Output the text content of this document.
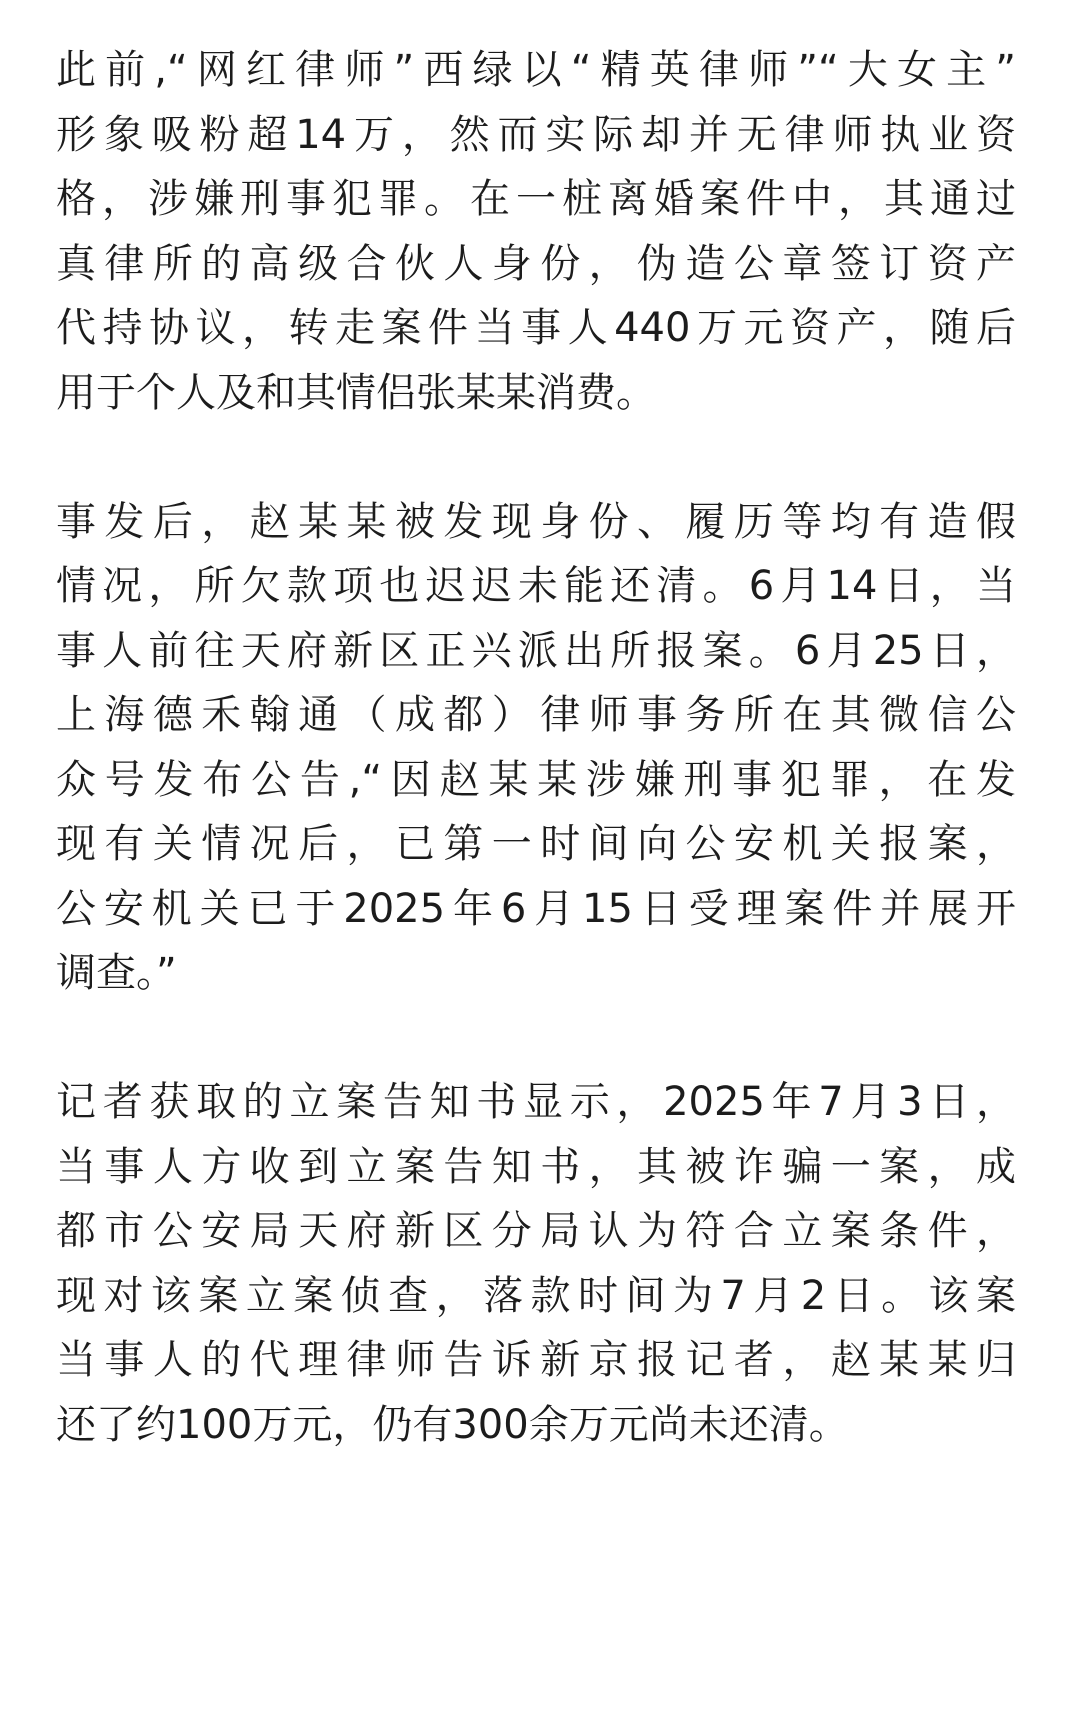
此前,“网红律师”西绿以“精英律师”“大女主”
形象吸粉超14万，然而实际却并无律师执业资
格，涉嫌刑事犯罪。在一桩离婚案件中，其通过
真律所的高级合伙人身份，伪造公章签订资产
代持协议，转走案件当事人440万元资产，随后
用于个人及和其情侣张某某消费。
事发后，赵某某被发现身份、履历等均有造假
情况，所欠款项也迟迟未能还清。6月14日，当
事人前往天府新区正兴派出所报案。6月25日，
上海德禾翰通（成都）律师事务所在其微信公
众号发布公告,“因赵某某涉嫌刑事犯罪，在发
现有关情况后，已第一时间向公安机关报案，
公安机关已于2025年6月15日受理案件并展开
调查。”
记者获取的立案告知书显示，2025年7月3日，
当事人方收到立案告知书，其被诈骗一案，成
都市公安局天府新区分局认为符合立案条件，
现对该案立案侦查，落款时间为7月2日。该案
当事人的代理律师告诉新京报记者，赵某某归
还了约100万元，仍有300余万元尚未还清。
